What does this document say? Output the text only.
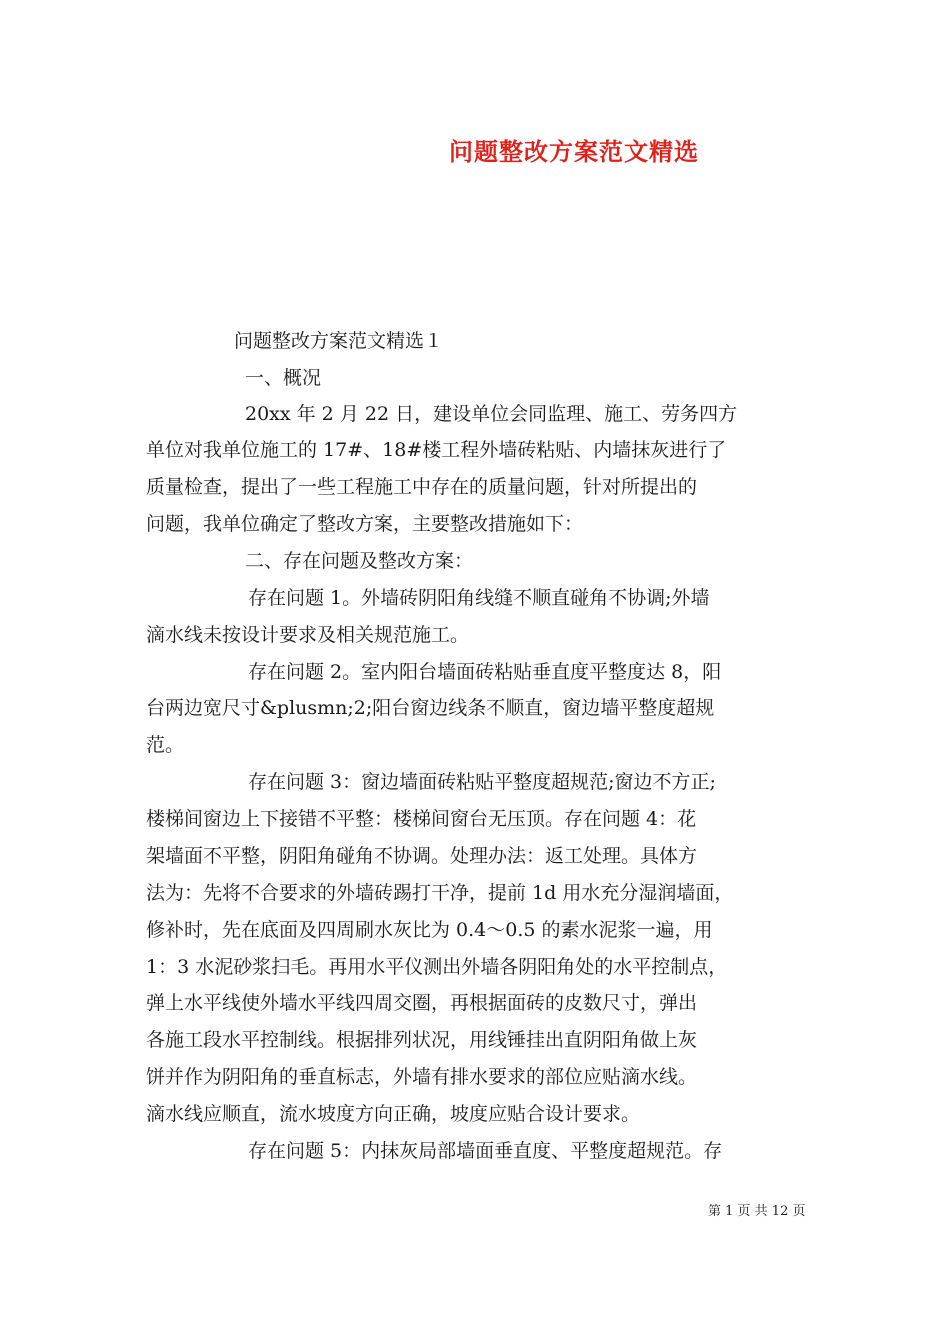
问题整改方案范文精选

问题整改方案范文精选１

一、概况

20xx 年 2 月 22 日，建设单位会同监理、施工、劳务四方

单位对我单位施工的 17#、18#楼工程外墙砖粘贴、内墙抹灰进行了

质量检查，提出了一些工程施工中存在的质量问题，针对所提出的

问题，我单位确定了整改方案，主要整改措施如下：

二、存在问题及整改方案：

存在问题 1。外墙砖阴阳角线缝不顺直碰角不协调;外墙

滴水线未按设计要求及相关规范施工。

存在问题 2。室内阳台墙面砖粘贴垂直度平整度达 8，阳

台两边宽尺寸&plusmn;2;阳台窗边线条不顺直，窗边墙平整度超规

范。

存在问题 3：窗边墙面砖粘贴平整度超规范;窗边不方正;

楼梯间窗边上下接错不平整：楼梯间窗台无压顶。存在问题 4：花

架墙面不平整，阴阳角碰角不协调。处理办法：返工处理。具体方

法为：先将不合要求的外墙砖踢打干净，提前 1d 用水充分湿润墙面，

修补时，先在底面及四周刷水灰比为 0.4～0.5 的素水泥浆一遍，用

1：3 水泥砂浆扫毛。再用水平仪测出外墙各阴阳角处的水平控制点，

弹上水平线使外墙水平线四周交圈，再根据面砖的皮数尺寸，弹出

各施工段水平控制线。根据排列状况，用线锤挂出直阴阳角做上灰

饼并作为阴阳角的垂直标志，外墙有排水要求的部位应贴滴水线。

滴水线应顺直，流水坡度方向正确，坡度应贴合设计要求。

存在问题 5：内抹灰局部墙面垂直度、平整度超规范。存

第 1 页 共 12 页
